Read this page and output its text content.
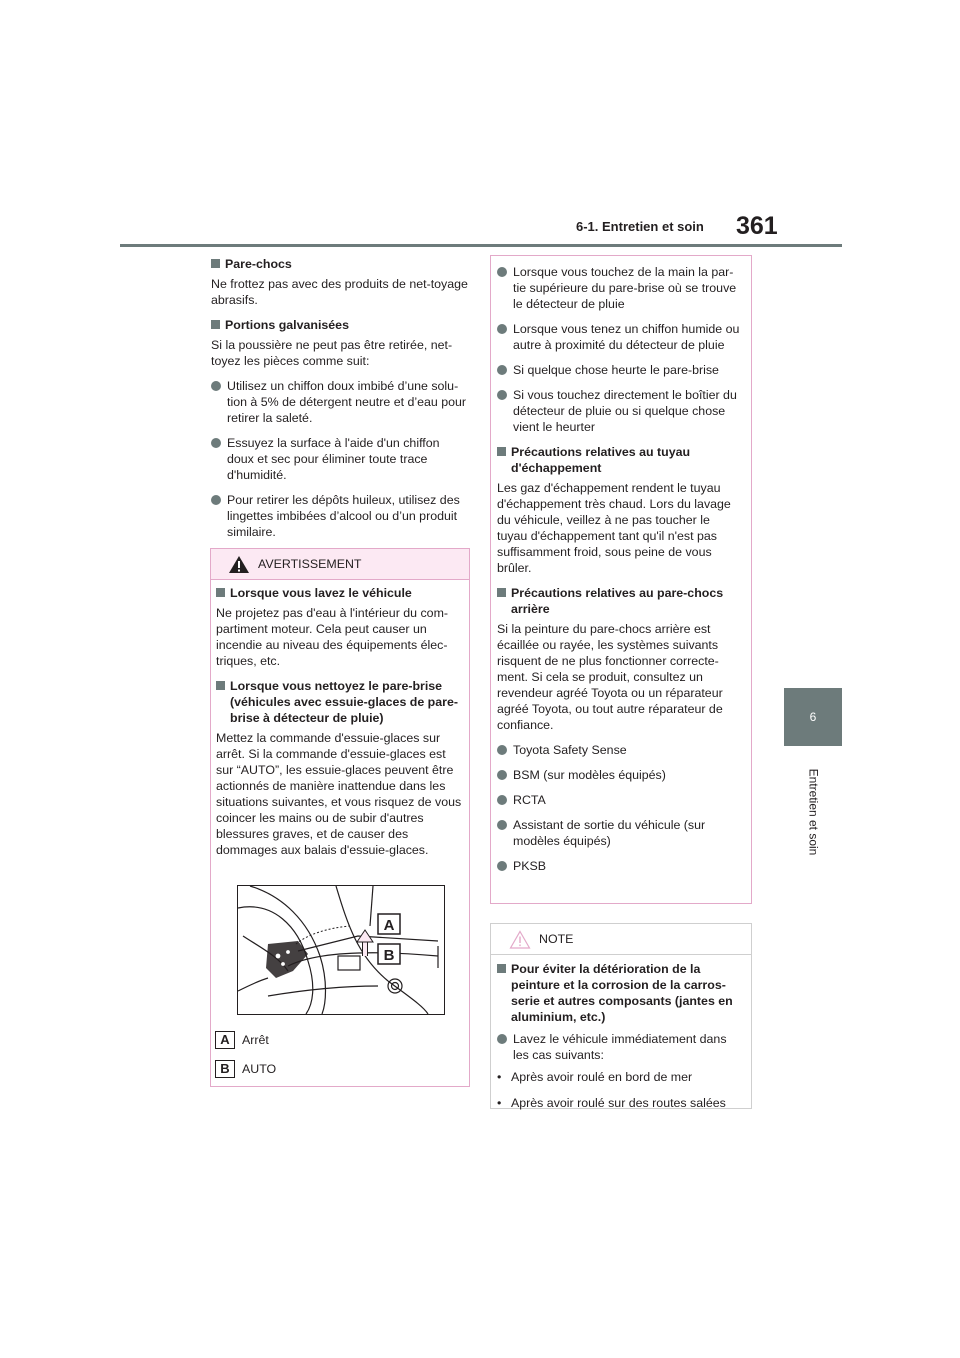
6-1. Entretien et soin 361
6
Entretien et soin

Pare-chocs

Ne frottez pas avec des produits de net-toyage abrasifs.

Portions galvanisées

Si la poussière ne peut pas être retirée, net-toyez les pièces comme suit:

Utilisez un chiffon doux imbibé d’une solu-tion à 5% de détergent neutre et d’eau pour retirer la saleté.
Essuyez la surface à l'aide d'un chiffon doux et sec pour éliminer toute trace d'humidité.
Pour retirer les dépôts huileux, utilisez des lingettes imbibées d’alcool ou d’un produit similaire.
AVERTISSEMENT

Lorsque vous lavez le véhicule

Ne projetez pas d'eau à l'intérieur du com-partiment moteur. Cela peut causer un incendie au niveau des équipements élec-triques, etc.

Lorsque vous nettoyez le pare-brise (véhicules avec essuie-glaces de pare-brise à détecteur de pluie)

Mettez la commande d'essuie-glaces sur arrêt. Si la commande d'essuie-glaces est sur “AUTO”, les essuie-glaces peuvent être actionnés de manière inattendue dans les situations suivantes, et vous risquez de vous coincer les mains ou de subir d'autres blessures graves, et de causer des dommages aux balais d'essuie-glaces.

A
B
A Arrêt
B AUTO
Lorsque vous touchez de la main la par-tie supérieure du pare-brise où se trouve le détecteur de pluie
Lorsque vous tenez un chiffon humide ou autre à proximité du détecteur de pluie
Si quelque chose heurte le pare-brise
Si vous touchez directement le boîtier du détecteur de pluie ou si quelque chose vient le heurter

Précautions relatives au tuyau d'échappement

Les gaz d'échappement rendent le tuyau d'échappement très chaud. Lors du lavage du véhicule, veillez à ne pas toucher le tuyau d'échappement tant qu'il n'est pas suffisamment froid, sous peine de vous brûler.

Précautions relatives au pare-chocs arrière

Si la peinture du pare-chocs arrière est écaillée ou rayée, les systèmes suivants risquent de ne plus fonctionner correcte-ment. Si cela se produit, consultez un revendeur agréé Toyota ou un réparateur agréé Toyota, ou tout autre réparateur de confiance.

Toyota Safety Sense
BSM (sur modèles équipés)
RCTA
Assistant de sortie du véhicule (sur modèles équipés)
PKSB
NOTE

Pour éviter la détérioration de la peinture et la corrosion de la carros-serie et autres composants (jantes en aluminium, etc.)

Lavez le véhicule immédiatement dans les cas suivants:
• Après avoir roulé en bord de mer
• Après avoir roulé sur des routes salées
